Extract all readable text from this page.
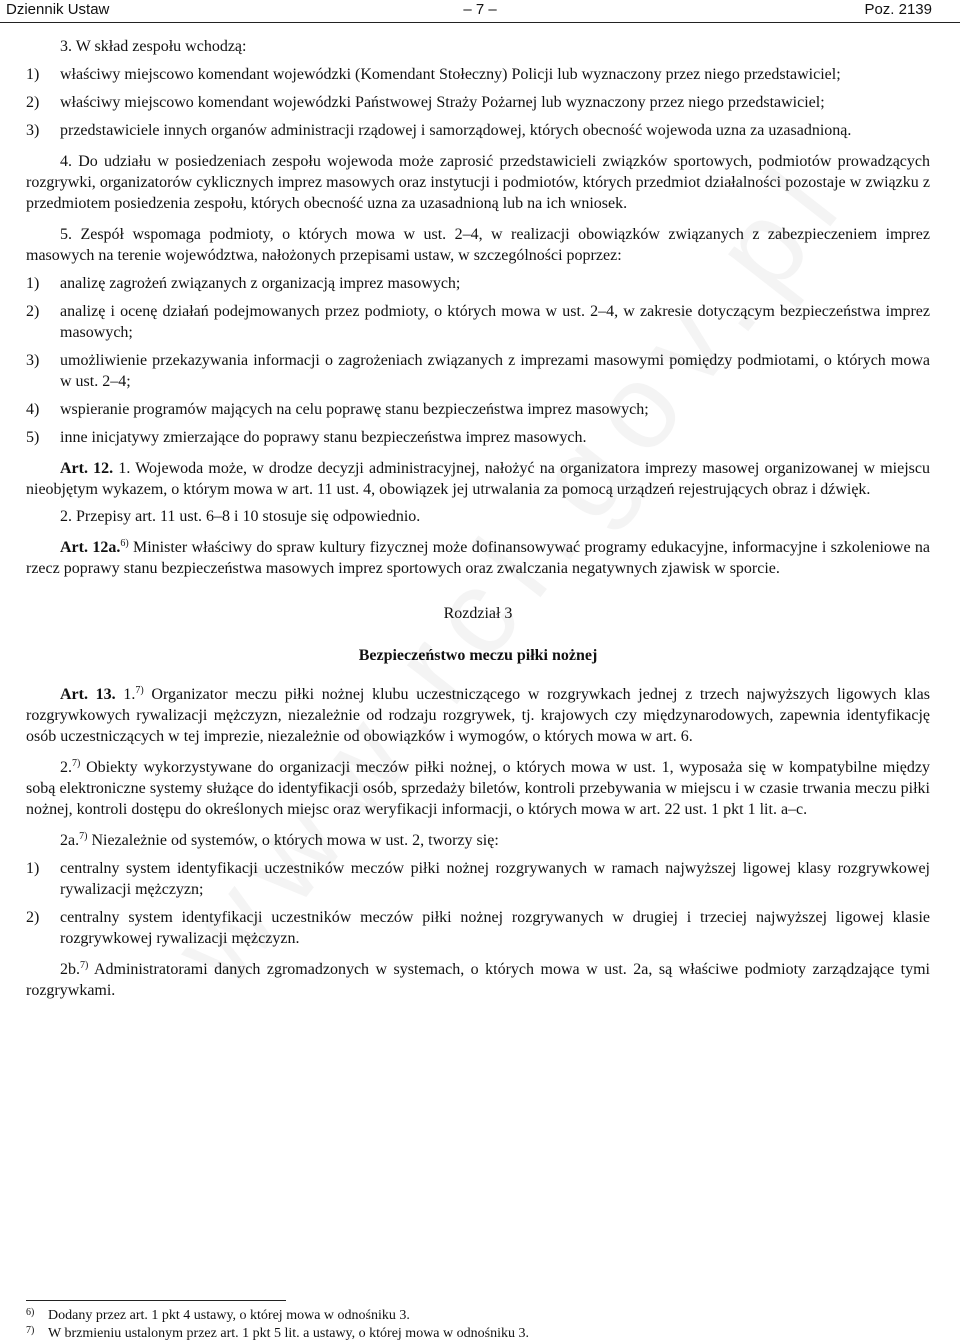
Dziennik Ustaw	– 7 –	Poz. 2139

3. W skład zespołu wchodzą:

1)	właściwy miejscowo komendant wojewódzki (Komendant Stołeczny) Policji lub wyznaczony przez niego przedstawiciel;
2)	właściwy miejscowo komendant wojewódzki Państwowej Straży Pożarnej lub wyznaczony przez niego przedstawiciel;
3)	przedstawiciele innych organów administracji rządowej i samorządowej, których obecność wojewoda uzna za uzasadnioną.

4. Do udziału w posiedzeniach zespołu wojewoda może zaprosić przedstawicieli związków sportowych, podmiotów prowadzących rozgrywki, organizatorów cyklicznych imprez masowych oraz instytucji i podmiotów, których przedmiot działalności pozostaje w związku z przedmiotem posiedzenia zespołu, których obecność uzna za uzasadnioną lub na ich wniosek.

5. Zespół wspomaga podmioty, o których mowa w ust. 2–4, w realizacji obowiązków związanych z zabezpieczeniem imprez masowych na terenie województwa, nałożonych przepisami ustaw, w szczególności poprzez:

1)	analizę zagrożeń związanych z organizacją imprez masowych;
2)	analizę i ocenę działań podejmowanych przez podmioty, o których mowa w ust. 2–4, w zakresie dotyczącym bezpieczeństwa imprez masowych;
3)	umożliwienie przekazywania informacji o zagrożeniach związanych z imprezami masowymi pomiędzy podmiotami, o których mowa w ust. 2–4;
4)	wspieranie programów mających na celu poprawę stanu bezpieczeństwa imprez masowych;
5)	inne inicjatywy zmierzające do poprawy stanu bezpieczeństwa imprez masowych.

Art. 12. 1. Wojewoda może, w drodze decyzji administracyjnej, nałożyć na organizatora imprezy masowej organizowanej w miejscu nieobjętym wykazem, o którym mowa w art. 11 ust. 4, obowiązek jej utrwalania za pomocą urządzeń rejestrujących obraz i dźwięk.

2. Przepisy art. 11 ust. 6–8 i 10 stosuje się odpowiednio.

Art. 12a.$^{6)}$ Minister właściwy do spraw kultury fizycznej może dofinansowywać programy edukacyjne, informacyjne i szkoleniowe na rzecz poprawy stanu bezpieczeństwa masowych imprez sportowych oraz zwalczania negatywnych zjawisk w sporcie.

Rozdział 3

Bezpieczeństwo meczu piłki nożnej

Art. 13. 1.$^{7)}$ Organizator meczu piłki nożnej klubu uczestniczącego w rozgrywkach jednej z trzech najwyższych ligowych klas rozgrywkowych rywalizacji mężczyzn, niezależnie od rodzaju rozgrywek, tj. krajowych czy międzynarodowych, zapewnia identyfikację osób uczestniczących w tej imprezie, niezależnie od obowiązków i wymogów, o których mowa w art. 6.

2.$^{7)}$ Obiekty wykorzystywane do organizacji meczów piłki nożnej, o których mowa w ust. 1, wyposaża się w kompatybilne między sobą elektroniczne systemy służące do identyfikacji osób, sprzedaży biletów, kontroli przebywania w miejscu i w czasie trwania meczu piłki nożnej, kontroli dostępu do określonych miejsc oraz weryfikacji informacji, o których mowa w art. 22 ust. 1 pkt 1 lit. a–c.

2a.$^{7)}$ Niezależnie od systemów, o których mowa w ust. 2, tworzy się:

1)	centralny system identyfikacji uczestników meczów piłki nożnej rozgrywanych w ramach najwyższej ligowej klasy rozgrywkowej rywalizacji mężczyzn;
2)	centralny system identyfikacji uczestników meczów piłki nożnej rozgrywanych w drugiej i trzeciej najwyższej ligowej klasie rozgrywkowej rywalizacji mężczyzn.

2b.$^{7)}$ Administratorami danych zgromadzonych w systemach, o których mowa w ust. 2a, są właściwe podmioty zarządzające tymi rozgrywkami.

6) Dodany przez art. 1 pkt 4 ustawy, o której mowa w odnośniku 3.
7) W brzmieniu ustalonym przez art. 1 pkt 5 lit. a ustawy, o której mowa w odnośniku 3.
